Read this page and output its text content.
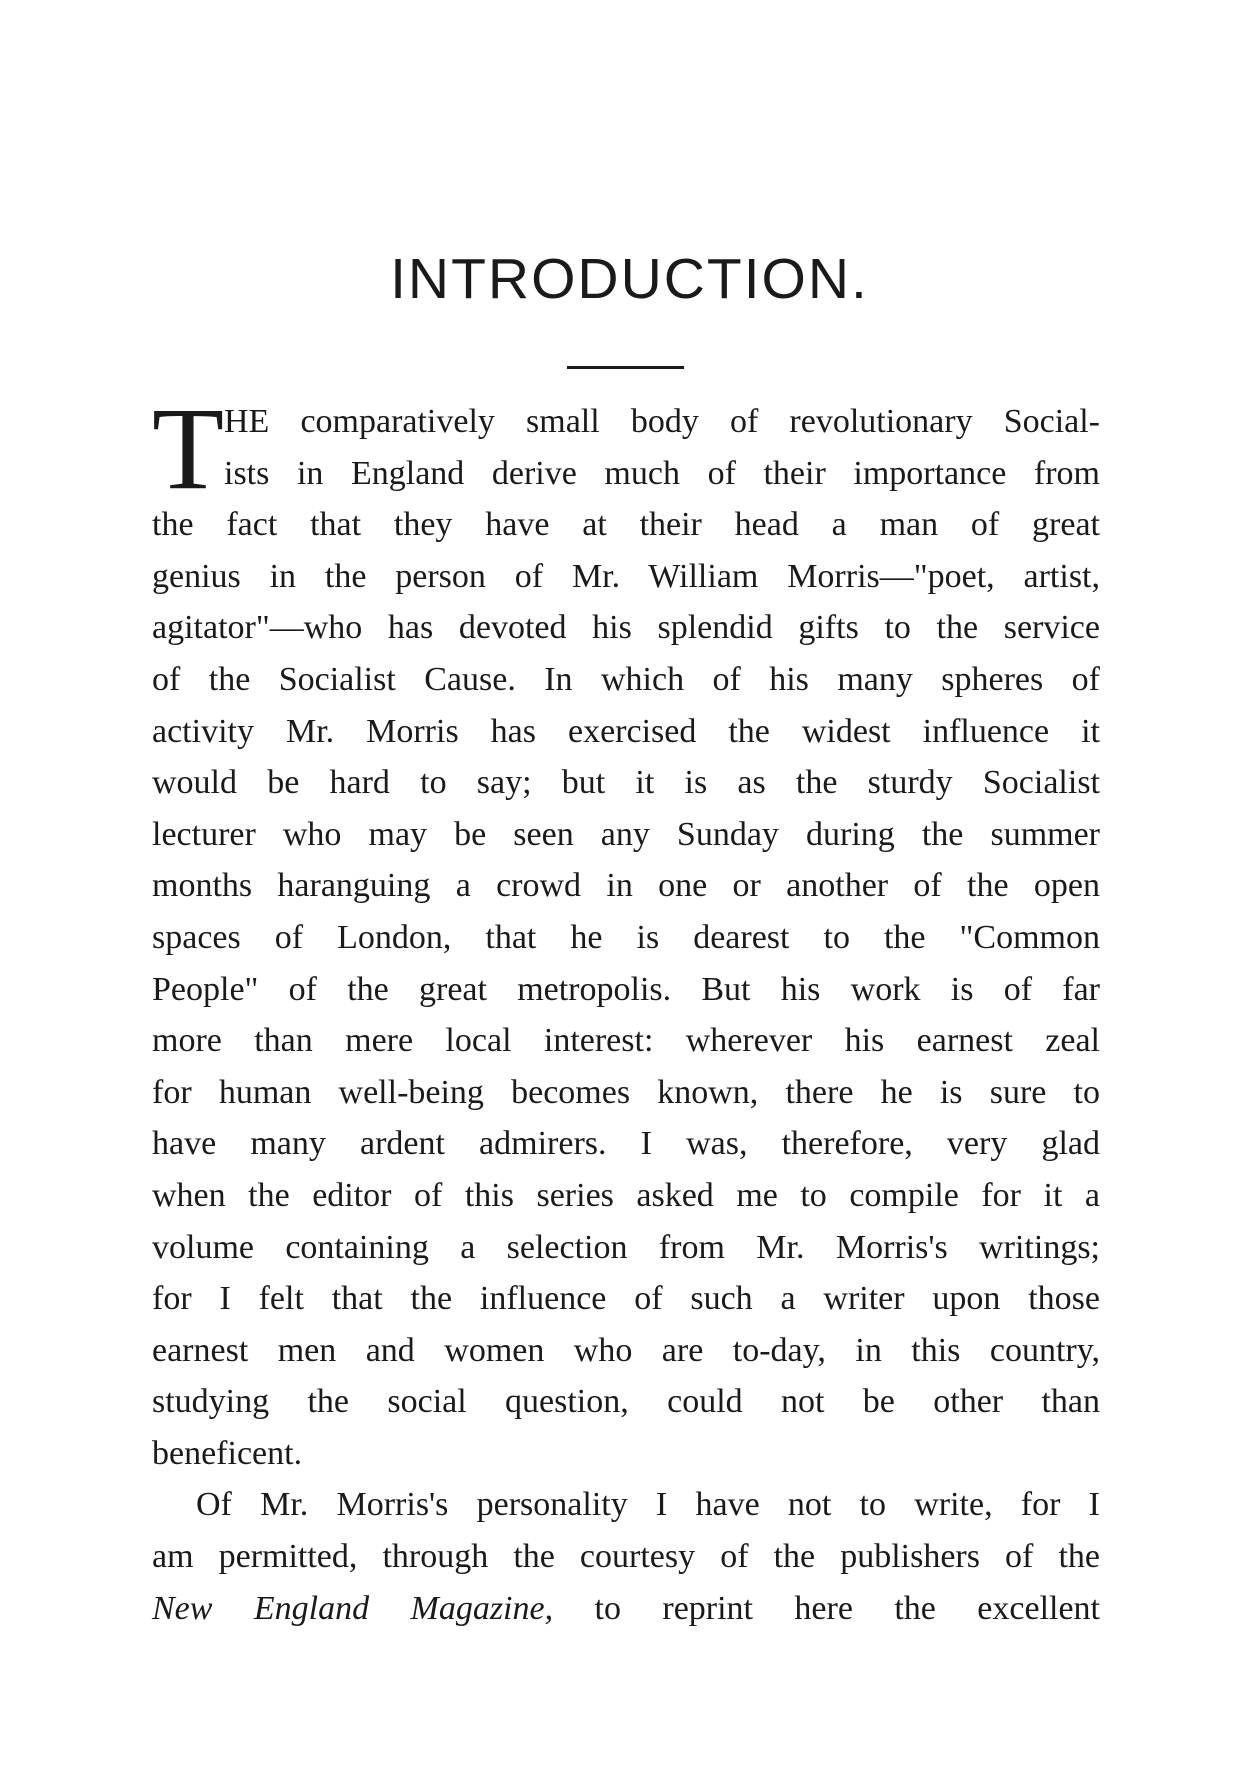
INTRODUCTION.
T HE comparatively small body of revolutionary Social-
ists in England derive much of their importance from
the fact that they have at their head a man of great
genius in the person of Mr. William Morris—"poet, artist,
agitator"—who has devoted his splendid gifts to the service
of the Socialist Cause. In which of his many spheres of
activity Mr. Morris has exercised the widest influence it
would be hard to say; but it is as the sturdy Socialist
lecturer who may be seen any Sunday during the summer
months haranguing a crowd in one or another of the open
spaces of London, that he is dearest to the "Common
People" of the great metropolis. But his work is of far
more than mere local interest: wherever his earnest zeal
for human well-being becomes known, there he is sure to
have many ardent admirers. I was, therefore, very glad
when the editor of this series asked me to compile for it a
volume containing a selection from Mr. Morris's writings;
for I felt that the influence of such a writer upon those
earnest men and women who are to-day, in this country,
studying the social question, could not be other than
beneficent.
Of Mr. Morris's personality I have not to write, for I
am permitted, through the courtesy of the publishers of the
New England Magazine, to reprint here the excellent
